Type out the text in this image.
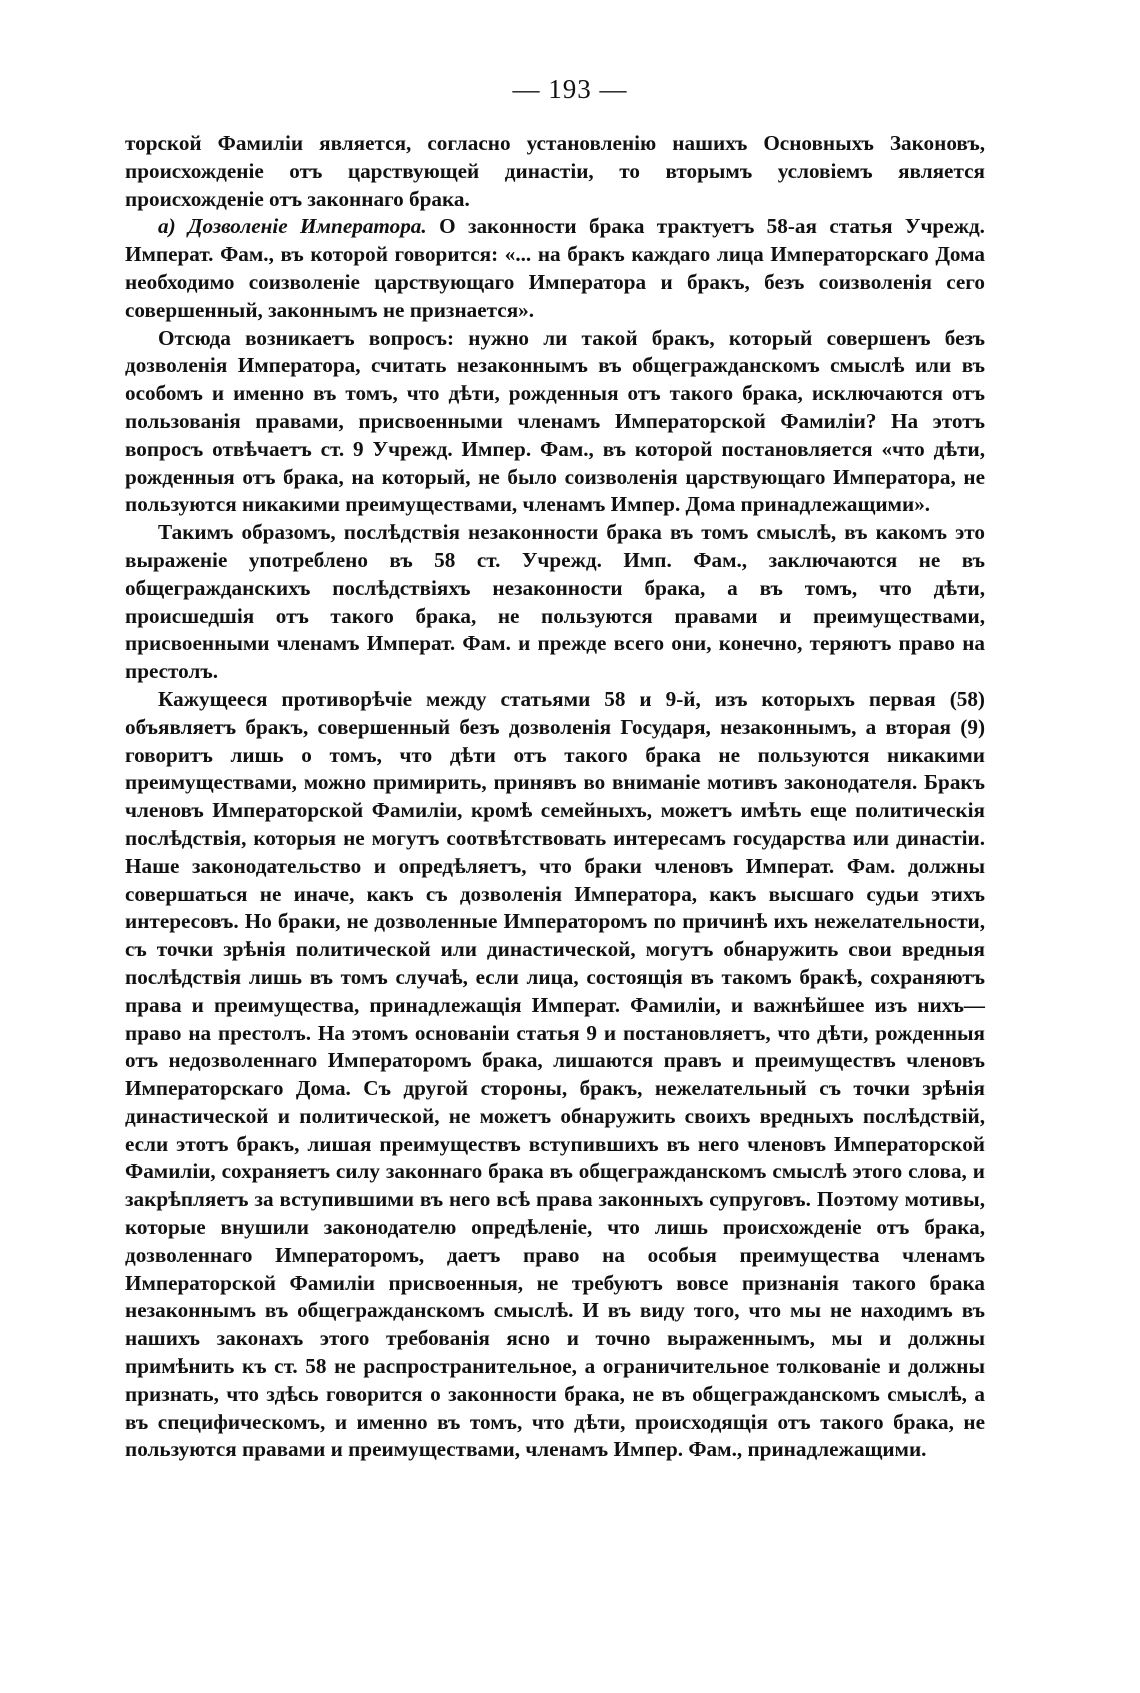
— 193 —

торской Фамиліи является, согласно установленію нашихъ Основныхъ Законовъ, происхожденіе отъ царствующей династіи, то вторымъ условіемъ является происхожденіе отъ законнаго брака.

а) Дозволеніе Императора. О законности брака трактуетъ 58-ая статья Учрежд. Императ. Фам., въ которой говорится: «... на бракъ каждаго лица Императорскаго Дома необходимо соизволеніе царствующаго Императора и бракъ, безъ соизволенія сего совершенный, законнымъ не признается».

Отсюда возникаетъ вопросъ: нужно ли такой бракъ, который совершенъ безъ дозволенія Императора, считать незаконнымъ въ общегражданскомъ смыслѣ или въ особомъ и именно въ томъ, что дѣти, рожденныя отъ такого брака, исключаются отъ пользованія правами, присвоенными членамъ Императорской Фамиліи? На этотъ вопросъ отвѣчаетъ ст. 9 Учрежд. Импер. Фам., въ которой постановляется «что дѣти, рожденныя отъ брака, на который, не было соизволенія царствующаго Императора, не пользуются никакими преимуществами, членамъ Импер. Дома принадлежащими».

Такимъ образомъ, послѣдствія незаконности брака въ томъ смыслѣ, въ какомъ это выраженіе употреблено въ 58 ст. Учрежд. Имп. Фам., заключаются не въ общегражданскихъ послѣдствіяхъ незаконности брака, а въ томъ, что дѣти, происшедшія отъ такого брака, не пользуются правами и преимуществами, присвоенными членамъ Императ. Фам. и прежде всего они, конечно, теряютъ право на престолъ.

Кажущееся противорѣчіе между статьями 58 и 9-й, изъ которыхъ первая (58) объявляетъ бракъ, совершенный безъ дозволенія Государя, незаконнымъ, а вторая (9) говоритъ лишь о томъ, что дѣти отъ такого брака не пользуются никакими преимуществами, можно примирить, принявъ во вниманіе мотивъ законодателя. Бракъ членовъ Императорской Фамиліи, кромѣ семейныхъ, можетъ имѣть еще политическія послѣдствія, которыя не могутъ соотвѣтствовать интересамъ государства или династіи. Наше законодательство и опредѣляетъ, что браки членовъ Императ. Фам. должны совершаться не иначе, какъ съ дозволенія Императора, какъ высшаго судьи этихъ интересовъ. Но браки, не дозволенные Императоромъ по причинѣ ихъ нежелательности, съ точки зрѣнія политической или династической, могутъ обнаружить свои вредныя послѣдствія лишь въ томъ случаѣ, если лица, состоящія въ такомъ бракѣ, сохраняютъ права и преимущества, принадлежащія Императ. Фамиліи, и важнѣйшее изъ нихъ— право на престолъ. На этомъ основаніи статья 9 и постановляетъ, что дѣти, рожденныя отъ недозволеннаго Императоромъ брака, лишаются правъ и преимуществъ членовъ Императорскаго Дома. Съ другой стороны, бракъ, нежелательный съ точки зрѣнія династической и политической, не можетъ обнаружить своихъ вредныхъ послѣдствій, если этотъ бракъ, лишая преимуществъ вступившихъ въ него членовъ Императорской Фамиліи, сохраняетъ силу законнаго брака въ общегражданскомъ смыслѣ этого слова, и закрѣпляетъ за вступившими въ него всѣ права законныхъ супруговъ. Поэтому мотивы, которые внушили законодателю опредѣленіе, что лишь происхожденіе отъ брака, дозволеннаго Императоромъ, даетъ право на особыя преимущества членамъ Императорской Фамиліи присвоенныя, не требуютъ вовсе признанія такого брака незаконнымъ въ общегражданскомъ смыслѣ. И въ виду того, что мы не находимъ въ нашихъ законахъ этого требованія ясно и точно выраженнымъ, мы и должны примѣнить къ ст. 58 не распространительное, а ограничительное толкованіе и должны признать, что здѣсь говорится о законности брака, не въ общегражданскомъ смыслѣ, а въ специфическомъ, и именно въ томъ, что дѣти, происходящія отъ такого брака, не пользуются правами и преимуществами, членамъ Импер. Фам., принадлежащими.
